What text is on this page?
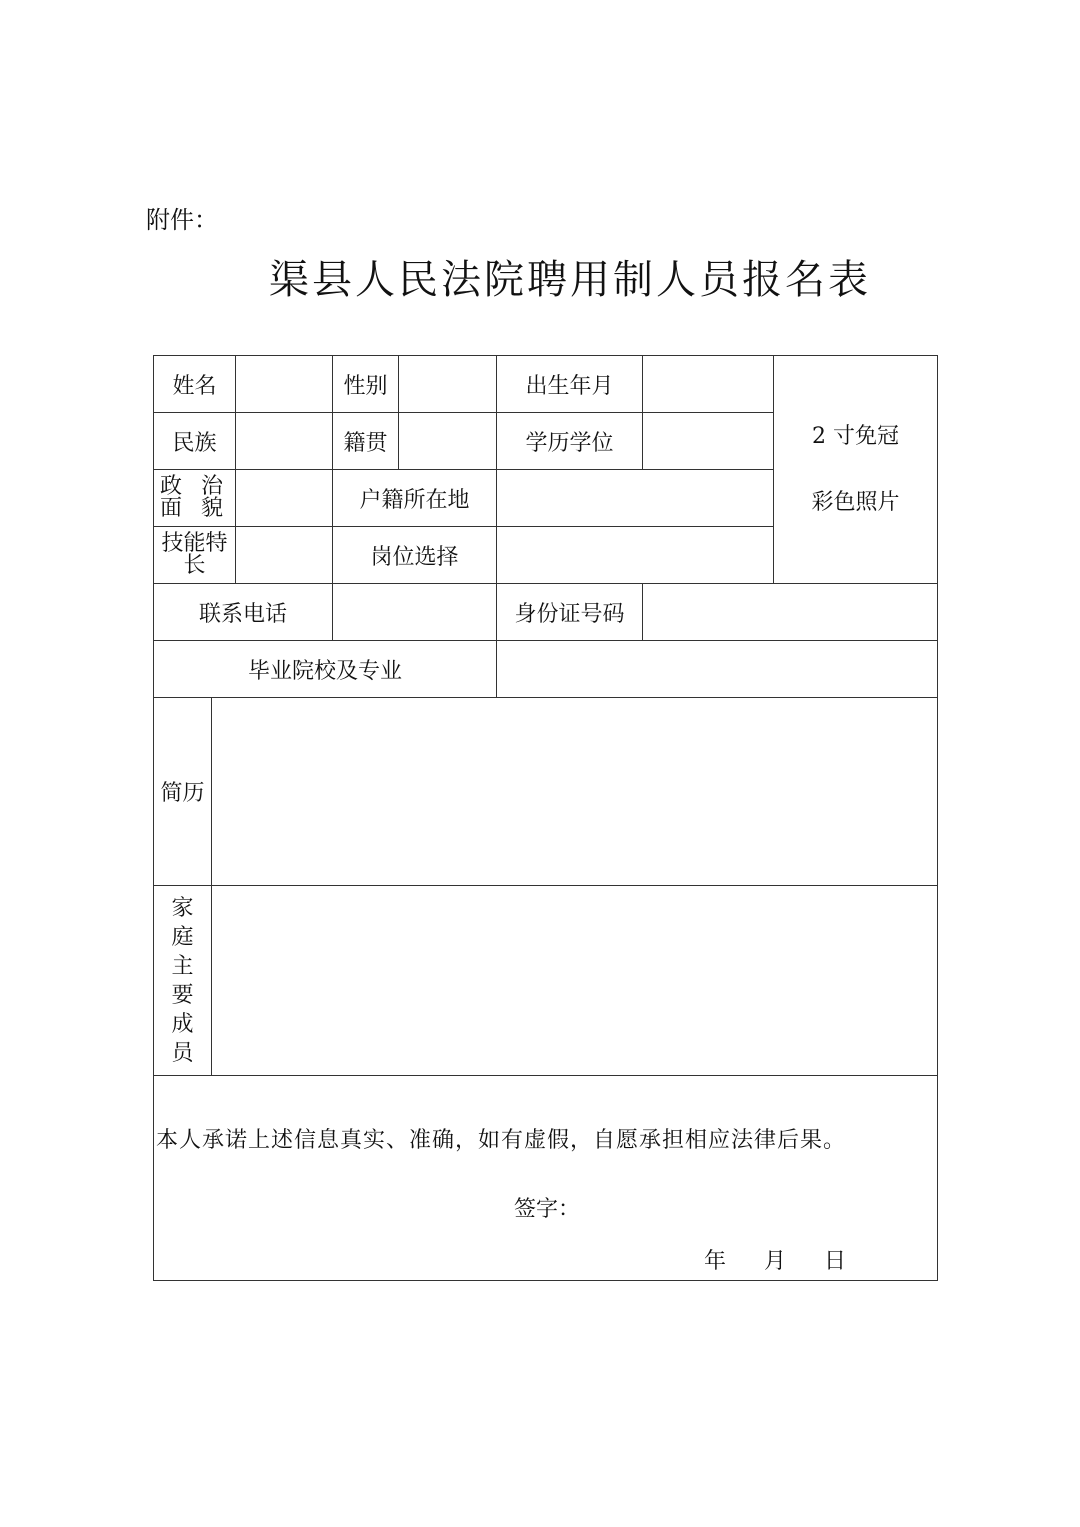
附件：
渠县人民法院聘用制人员报名表
姓名			性别		出生年月		2 寸免冠
彩色照片

民族			籍贯		学历学位		
政 治
面 貌			户籍所在地				

技能特
长			岗位选择				
联系电话					身份证号码		
毕业院校及专业							
简历							
家庭主要成员							

本人承诺上述信息真实、准确，如有虚假，自愿承担相应法律后果。
签字：
年 月 日							
